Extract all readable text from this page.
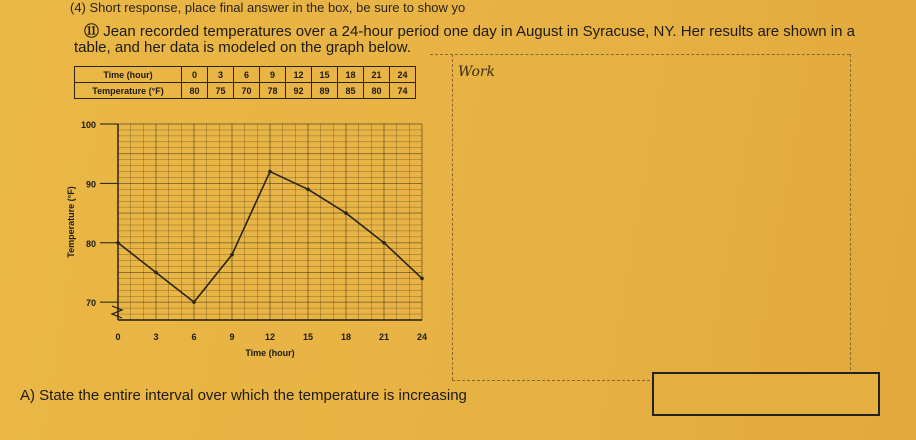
(4) Short response, place final answer in the box, be sure to show yo
⑪ Jean recorded temperatures over a 24-hour period one day in August in Syracuse, NY. Her results are shown in a
table, and her data is modeled on the graph below.
Work
Time (hour)	0	3	6	9	12	15	18	21	24
Temperature (°F)	80	75	70	78	92	89	85	80	74
70
80
90
100
0	3	6	9	12	15	18	21	24
Time (hour)
Temperature (°F)
A) State the entire interval over which the temperature is increasing
